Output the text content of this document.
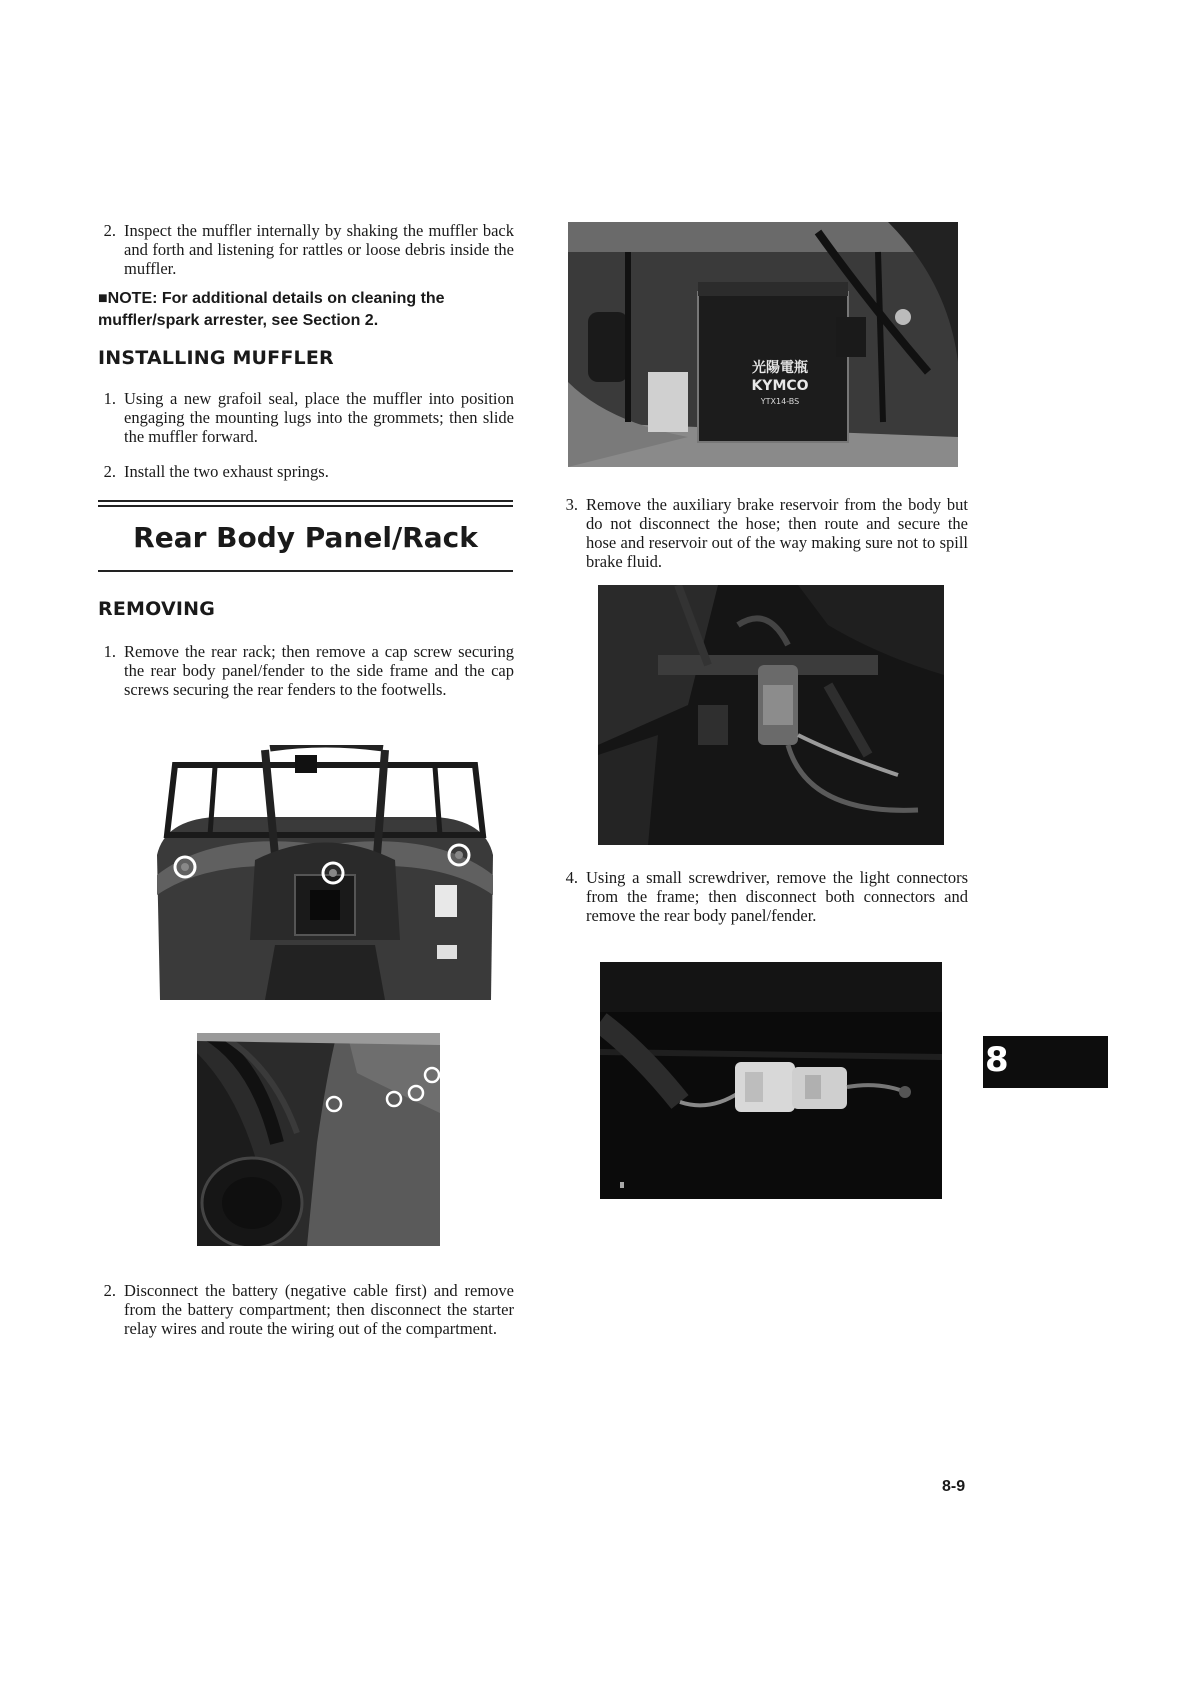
2. Inspect the muffler internally by shaking the muffler back and forth and listening for rattles or loose debris inside the muffler.
■NOTE: For additional details on cleaning the muffler/spark arrester, see Section 2.
INSTALLING MUFFLER
1. Using a new grafoil seal, place the muffler into position engaging the mounting lugs into the grommets; then slide the muffler forward.
2. Install the two exhaust springs.
Rear Body Panel/Rack
REMOVING
1. Remove the rear rack; then remove a cap screw securing the rear body panel/fender to the side frame and the cap screws securing the rear fenders to the footwells.
2. Disconnect the battery (negative cable first) and remove from the battery compartment; then disconnect the starter relay wires and route the wiring out of the compartment.
光陽電瓶
KYMCO
YTX14-BS
3. Remove the auxiliary brake reservoir from the body but do not disconnect the hose; then route and secure the hose and reservoir out of the way making sure not to spill brake fluid.
4. Using a small screwdriver, remove the light connectors from the frame; then disconnect both connectors and remove the rear body panel/fender.
8
8-9
